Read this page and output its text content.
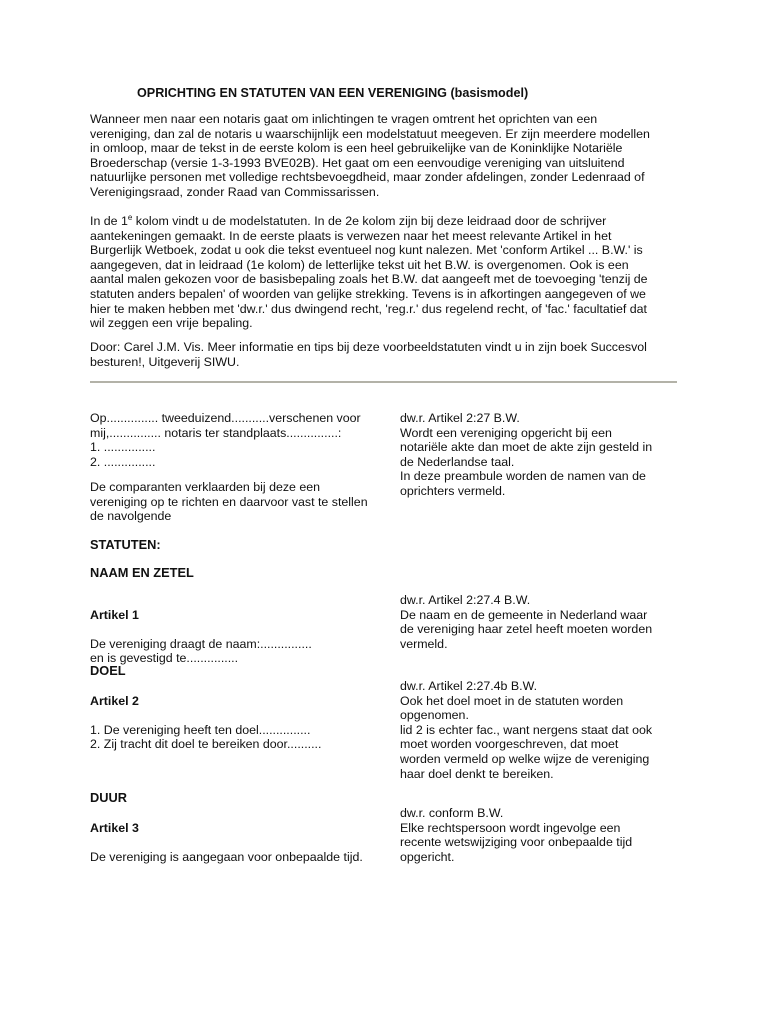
OPRICHTING EN STATUTEN VAN EEN VERENIGING (basismodel)

Wanneer men naar een notaris gaat om inlichtingen te vragen omtrent het oprichten van een
vereniging, dan zal de notaris u waarschijnlijk een modelstatuut meegeven. Er zijn meerdere modellen
in omloop, maar de tekst in de eerste kolom is een heel gebruikelijke van de Koninklijke Notariële
Broederschap (versie 1-3-1993 BVE02B). Het gaat om een eenvoudige vereniging van uitsluitend
natuurlijke personen met volledige rechtsbevoegdheid, maar zonder afdelingen, zonder Ledenraad of
Verenigingsraad, zonder Raad van Commissarissen.

In de 1e kolom vindt u de modelstatuten. In de 2e kolom zijn bij deze leidraad door de schrijver
aantekeningen gemaakt. In de eerste plaats is verwezen naar het meest relevante Artikel in het
Burgerlijk Wetboek, zodat u ook die tekst eventueel nog kunt nalezen. Met 'conform Artikel ... B.W.' is
aangegeven, dat in leidraad (1e kolom) de letterlijke tekst uit het B.W. is overgenomen. Ook is een
aantal malen gekozen voor de basisbepaling zoals het B.W. dat aangeeft met de toevoeging 'tenzij de
statuten anders bepalen' of woorden van gelijke strekking. Tevens is in afkortingen aangegeven of we
hier te maken hebben met 'dw.r.' dus dwingend recht, 'reg.r.' dus regelend recht, of 'fac.' facultatief dat
wil zeggen een vrije bepaling.

Door: Carel J.M. Vis. Meer informatie en tips bij deze voorbeeldstatuten vindt u in zijn boek Succesvol
besturen!, Uitgeverij SIWU.

Op............... tweeduizend...........verschenen voor
mij,............... notaris ter standplaats...............:
1. ...............
2. ...............

De comparanten verklaarden bij deze een
vereniging op te richten en daarvoor vast te stellen
de navolgende

dw.r. Artikel 2:27 B.W.
Wordt een vereniging opgericht bij een
notariële akte dan moet de akte zijn gesteld in
de Nederlandse taal.
In deze preambule worden de namen van de
oprichters vermeld.

STATUTEN:
NAAM EN ZETEL

Artikel 1

De vereniging draagt de naam:...............
en is gevestigd te...............

dw.r. Artikel 2:27.4 B.W.
De naam en de gemeente in Nederland waar
de vereniging haar zetel heeft moeten worden
vermeld.

DOEL

Artikel 2

1. De vereniging heeft ten doel...............
2. Zij tracht dit doel te bereiken door..........

dw.r. Artikel 2:27.4b B.W.
Ook het doel moet in de statuten worden
opgenomen.
lid 2 is echter fac., want nergens staat dat ook
moet worden voorgeschreven, dat moet
worden vermeld op welke wijze de vereniging
haar doel denkt te bereiken.

DUUR

Artikel 3

De vereniging is aangegaan voor onbepaalde tijd.

dw.r. conform B.W.
Elke rechtspersoon wordt ingevolge een
recente wetswijziging voor onbepaalde tijd
opgericht.
